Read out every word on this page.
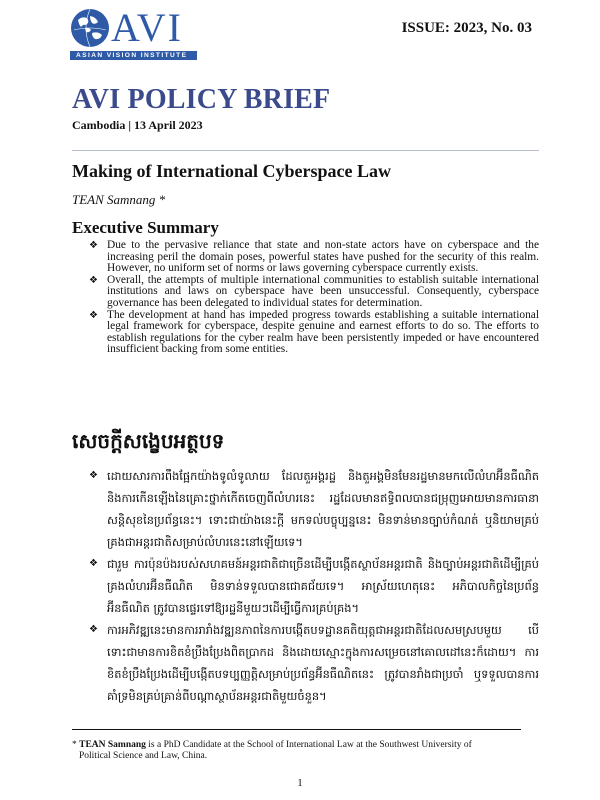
AVI
ASIAN VISION INSTITUTE
ISSUE: 2023, No. 03
AVI POLICY BRIEF
Cambodia | 13 April 2023
Making of International Cyberspace Law
TEAN Samnang *
Executive Summary
❖ Due to the pervasive reliance that state and non-state actors have on cyberspace and the increasing peril the domain poses, powerful states have pushed for the security of this realm. However, no uniform set of norms or laws governing cyberspace currently exists.
❖ Overall, the attempts of multiple international communities to establish suitable international institutions and laws on cyberspace have been unsuccessful. Consequently, cyberspace governance has been delegated to individual states for determination.
❖ The development at hand has impeded progress towards establishing a suitable international legal framework for cyberspace, despite genuine and earnest efforts to do so. The efforts to establish regulations for the cyber realm have been persistently impeded or have encountered insufficient backing from some entities.
សេចក្ដីសង្ខេបអត្ថបទ
❖ ដោយសារការពឹងផ្អែកយ៉ាងទូលំទូលាយ ដែលតួអង្គរដ្ឋ និងតួអង្គមិនមែនរដ្ឋមានមកលើលំហអ៊ីនធឺណិត និងការកើនឡើងនៃគ្រោះថ្នាក់កើតចេញពីលំហរនេះ រដ្ឋដែលមានឥទ្ធិពលបានជម្រុញអោយមានការធានាសន្តិសុខនៃប្រព័ន្ធនេះ។ ទោះជាយ៉ាងនេះក្តី មកទល់បច្ចុប្បន្ននេះ មិនទាន់មានច្បាប់កំណត់ ឬនិយាមគ្រប់គ្រងជាអន្តរជាតិសម្រាប់លំហរនេះនៅឡើយទេ។
❖ ជារួម ការប៉ុនប៉ងរបស់សហគមន៍អន្តរជាតិជាច្រើនដើម្បីបង្កើតស្ថាប័នអន្តរជាតិ និងច្បាប់អន្តរជាតិដើម្បីគ្រប់គ្រងលំហរអ៊ីនធឺណិត មិនទាន់ទទួលបានជោគជ័យទេ។ អាស្រ័យហេតុនេះ អភិបាលកិច្ចនៃប្រព័ន្ធអ៊ីនធឺណិត ត្រូវបានផ្ទេរទៅឱ្យរដ្ឋនីមួយៗដើម្បីធ្វើការគ្រប់គ្រង។
❖ ការអភិវឌ្ឍនេះមានការរារាំងវឌ្ឍនភាពនៃការបង្កើតបទដ្ឋានគតិយុត្តជាអន្តរជាតិដែលសមស្របមួយ បើទោះជាមានការខិតខំប្រឹងប្រែងពិតប្រាកដ និងដោយស្មោះក្នុងការសម្រេចនៅគោលដៅនេះក៏ដោយ។ ការខិតខំប្រឹងប្រែងដើម្បីបង្កើតបទប្បញ្ញត្តិសម្រាប់ប្រព័ន្ធអ៊ីនធឺណិតនេះ ត្រូវបានរាំងជាប្រចាំ ឬទទួលបានការគាំទ្រមិនគ្រប់គ្រាន់ពីបណ្តាស្ថាប័នអន្តរជាតិមួយចំនួន។
* TEAN Samnang is a PhD Candidate at the School of International Law at the Southwest University of
Political Science and Law, China.
1
